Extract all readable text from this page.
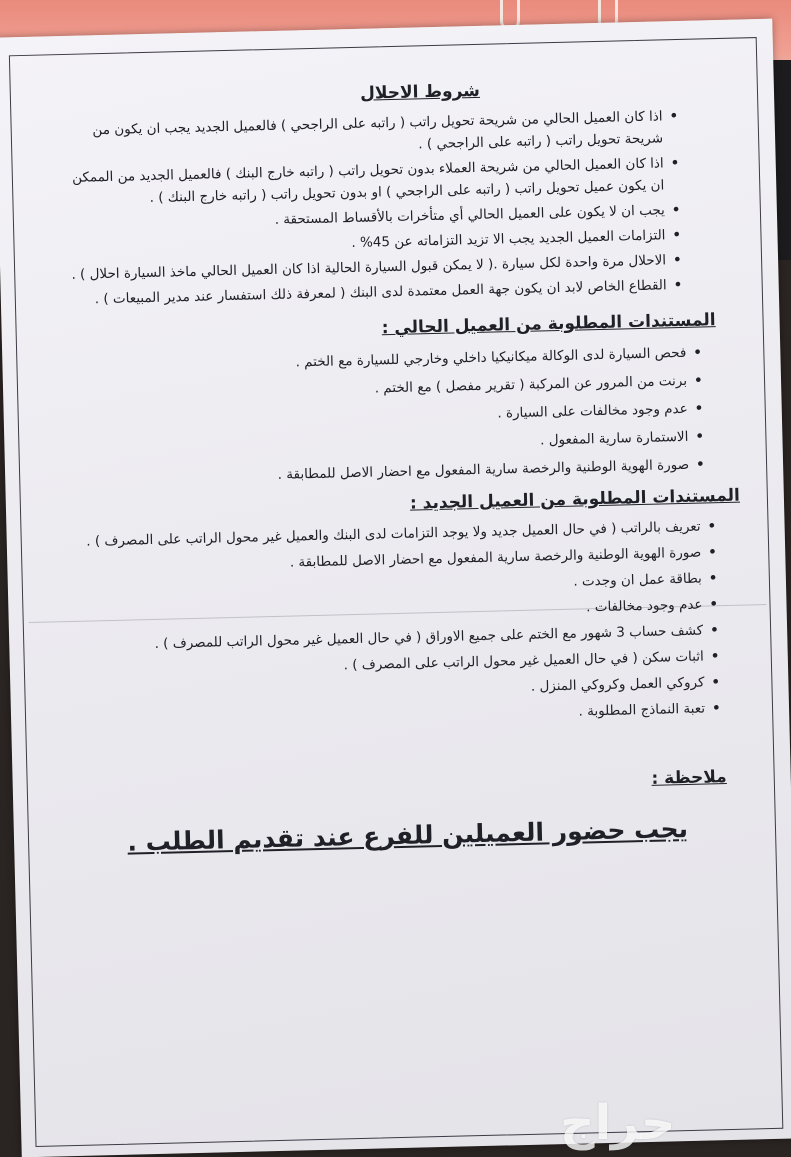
شروط الاحلال
• اذا كان العميل الحالي من شريحة تحويل راتب ( راتبه على الراجحي ) فالعميل الجديد يجب ان يكون من شريحة تحويل راتب ( راتبه على الراجحي ) .
• اذا كان العميل الحالي من شريحة العملاء بدون تحويل راتب ( راتبه خارج البنك ) فالعميل الجديد من الممكن ان يكون عميل تحويل راتب ( راتبه على الراجحي ) او بدون تحويل راتب ( راتبه خارج البنك ) .
• يجب ان لا يكون على العميل الحالي أي متأخرات بالأقساط المستحقة .
• التزامات العميل الجديد يجب الا تزيد التزاماته عن 45% .
• الاحلال مرة واحدة لكل سيارة .( لا يمكن قبول السيارة الحالية اذا كان العميل الحالي ماخذ السيارة احلال ) .
• القطاع الخاص لابد ان يكون جهة العمل معتمدة لدى البنك ( لمعرفة ذلك استفسار عند مدير المبيعات ) .
المستندات المطلوبة من العميل الحالي :
• فحص السيارة لدى الوكالة ميكانيكيا داخلي وخارجي للسيارة مع الختم .
• برنت من المرور عن المركبة ( تقرير مفصل ) مع الختم .
• عدم وجود مخالفات على السيارة .
• الاستمارة سارية المفعول .
• صورة الهوية الوطنية والرخصة سارية المفعول مع احضار الاصل للمطابقة .
المستندات المطلوبة من العميل الجديد :
• تعريف بالراتب ( في حال العميل جديد ولا يوجد التزامات لدى البنك والعميل غير محول الراتب على المصرف ) .
• صورة الهوية الوطنية والرخصة سارية المفعول مع احضار الاصل للمطابقة .
• بطاقة عمل ان وجدت .
• عدم وجود مخالفات .
• كشف حساب 3 شهور مع الختم على جميع الاوراق ( في حال العميل غير محول الراتب للمصرف ) .
• اثبات سكن ( في حال العميل غير محول الراتب على المصرف ) .
• كروكي العمل وكروكي المنزل .
• تعبة النماذج المطلوبة .
ملاحظة :
يجب حضور العميلين للفرع عند تقديم الطلب .
حراج
